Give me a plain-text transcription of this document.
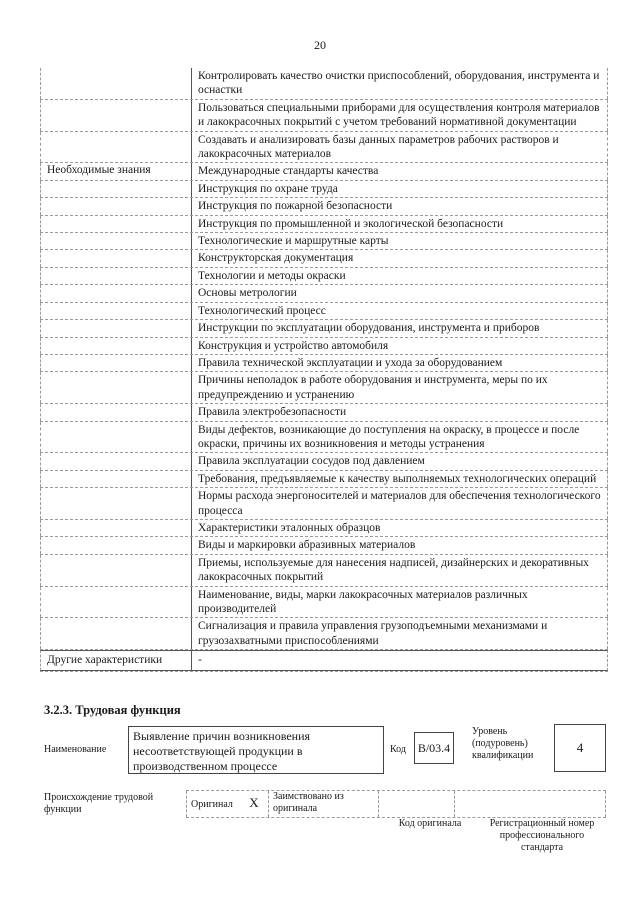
20
Контролировать качество очистки приспособлений, оборудования, инструмента и оснастки
Пользоваться специальными приборами для осуществления контроля материалов и лакокрасочных покрытий с учетом требований нормативной документации
Создавать и анализировать базы данных параметров рабочих растворов и лакокрасочных материалов
Необходимые знания	Международные стандарты качества
Инструкция по охране труда
Инструкция по пожарной безопасности
Инструкция по промышленной и экологической безопасности
Технологические и маршрутные карты
Конструкторская документация
Технологии и методы окраски
Основы метрологии
Технологический процесс
Инструкции по эксплуатации оборудования, инструмента и приборов
Конструкция и устройство автомобиля
Правила технической эксплуатации и ухода за оборудованием
Причины неполадок в работе оборудования и инструмента, меры по их предупреждению и устранению
Правила электробезопасности
Виды дефектов, возникающие до поступления на окраску, в процессе и после окраски, причины их возникновения и методы устранения
Правила эксплуатации сосудов под давлением
Требования, предъявляемые к качеству выполняемых технологических операций
Нормы расхода энергоносителей и материалов для обеспечения технологического процесса
Характеристики эталонных образцов
Виды и маркировки абразивных материалов
Приемы, используемые для нанесения надписей, дизайнерских и декоративных лакокрасочных покрытий
Наименование, виды, марки лакокрасочных материалов различных производителей
Сигнализация и правила управления грузоподъемными механизмами и грузозахватными приспособлениями
Другие характеристики	-
3.2.3. Трудовая функция
Наименование
Выявление причин возникновения несоответствующей продукции в производственном процессе
Код B/03.4
Уровень (подуровень) квалификации
4
Происхождение трудовой функции	Оригинал	X	Заимствовано из оригинала
Код оригинала	Регистрационный номер профессионального стандарта
